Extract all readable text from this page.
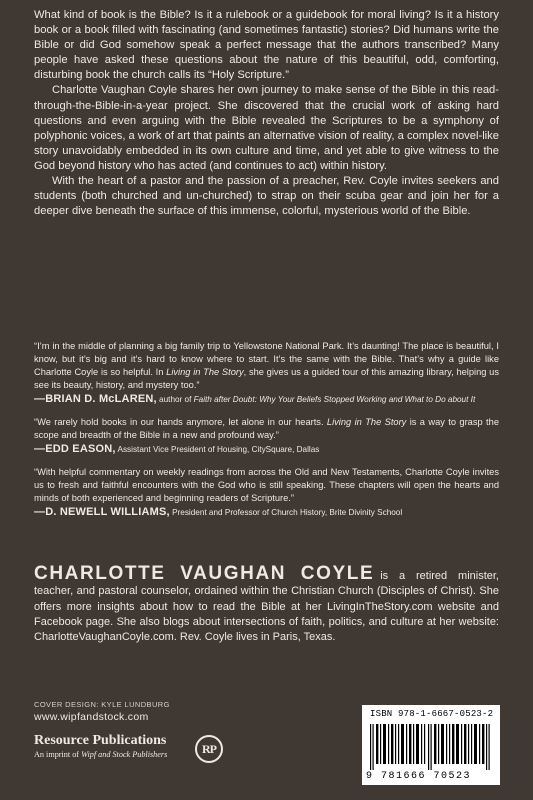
What kind of book is the Bible? Is it a rulebook or a guidebook for moral living? Is it a history book or a book filled with fascinating (and sometimes fantastic) stories? Did humans write the Bible or did God somehow speak a perfect message that the authors transcribed? Many people have asked these questions about the nature of this beautiful, odd, comforting, disturbing book the church calls its “Holy Scripture.”

Charlotte Vaughan Coyle shares her own journey to make sense of the Bible in this read-through-the-Bible-in-a-year project. She discovered that the crucial work of asking hard questions and even arguing with the Bible revealed the Scriptures to be a symphony of polyphonic voices, a work of art that paints an alternative vision of reality, a complex novel-like story unavoidably embedded in its own culture and time, and yet able to give witness to the God beyond history who has acted (and continues to act) within history.

With the heart of a pastor and the passion of a preacher, Rev. Coyle invites seekers and students (both churched and un-churched) to strap on their scuba gear and join her for a deeper dive beneath the surface of this immense, colorful, mysterious world of the Bible.

“I’m in the middle of planning a big family trip to Yellowstone National Park. It’s daunting! The place is beautiful, I know, but it’s big and it’s hard to know where to start. It’s the same with the Bible. That’s why a guide like Charlotte Coyle is so helpful. In Living in The Story, she gives us a guided tour of this amazing library, helping us see its beauty, history, and mystery too.”
—BRIAN D. McLAREN, author of Faith after Doubt: Why Your Beliefs Stopped Working and What to Do about It
“We rarely hold books in our hands anymore, let alone in our hearts. Living in The Story is a way to grasp the scope and breadth of the Bible in a new and profound way.”
—EDD EASON, Assistant Vice President of Housing, CitySquare, Dallas
“With helpful commentary on weekly readings from across the Old and New Testaments, Charlotte Coyle invites us to fresh and faithful encounters with the God who is still speaking. These chapters will open the hearts and minds of both experienced and beginning readers of Scripture.”
—D. NEWELL WILLIAMS, President and Professor of Church History, Brite Divinity School
CHARLOTTE VAUGHAN COYLE is a retired minister, teacher, and pastoral counselor, ordained within the Christian Church (Disciples of Christ). She offers more insights about how to read the Bible at her LivingInTheStory.com website and Facebook page. She also blogs about intersections of faith, politics, and culture at her website: CharlotteVaughanCoyle.com. Rev. Coyle lives in Paris, Texas.
COVER DESIGN: KYLE LUNDBURG
www.wipfandstock.com
Resource Publications
An imprint of Wipf and Stock Publishers	RP
ISBN 978-1-6667-0523-2
9 781666 70523
